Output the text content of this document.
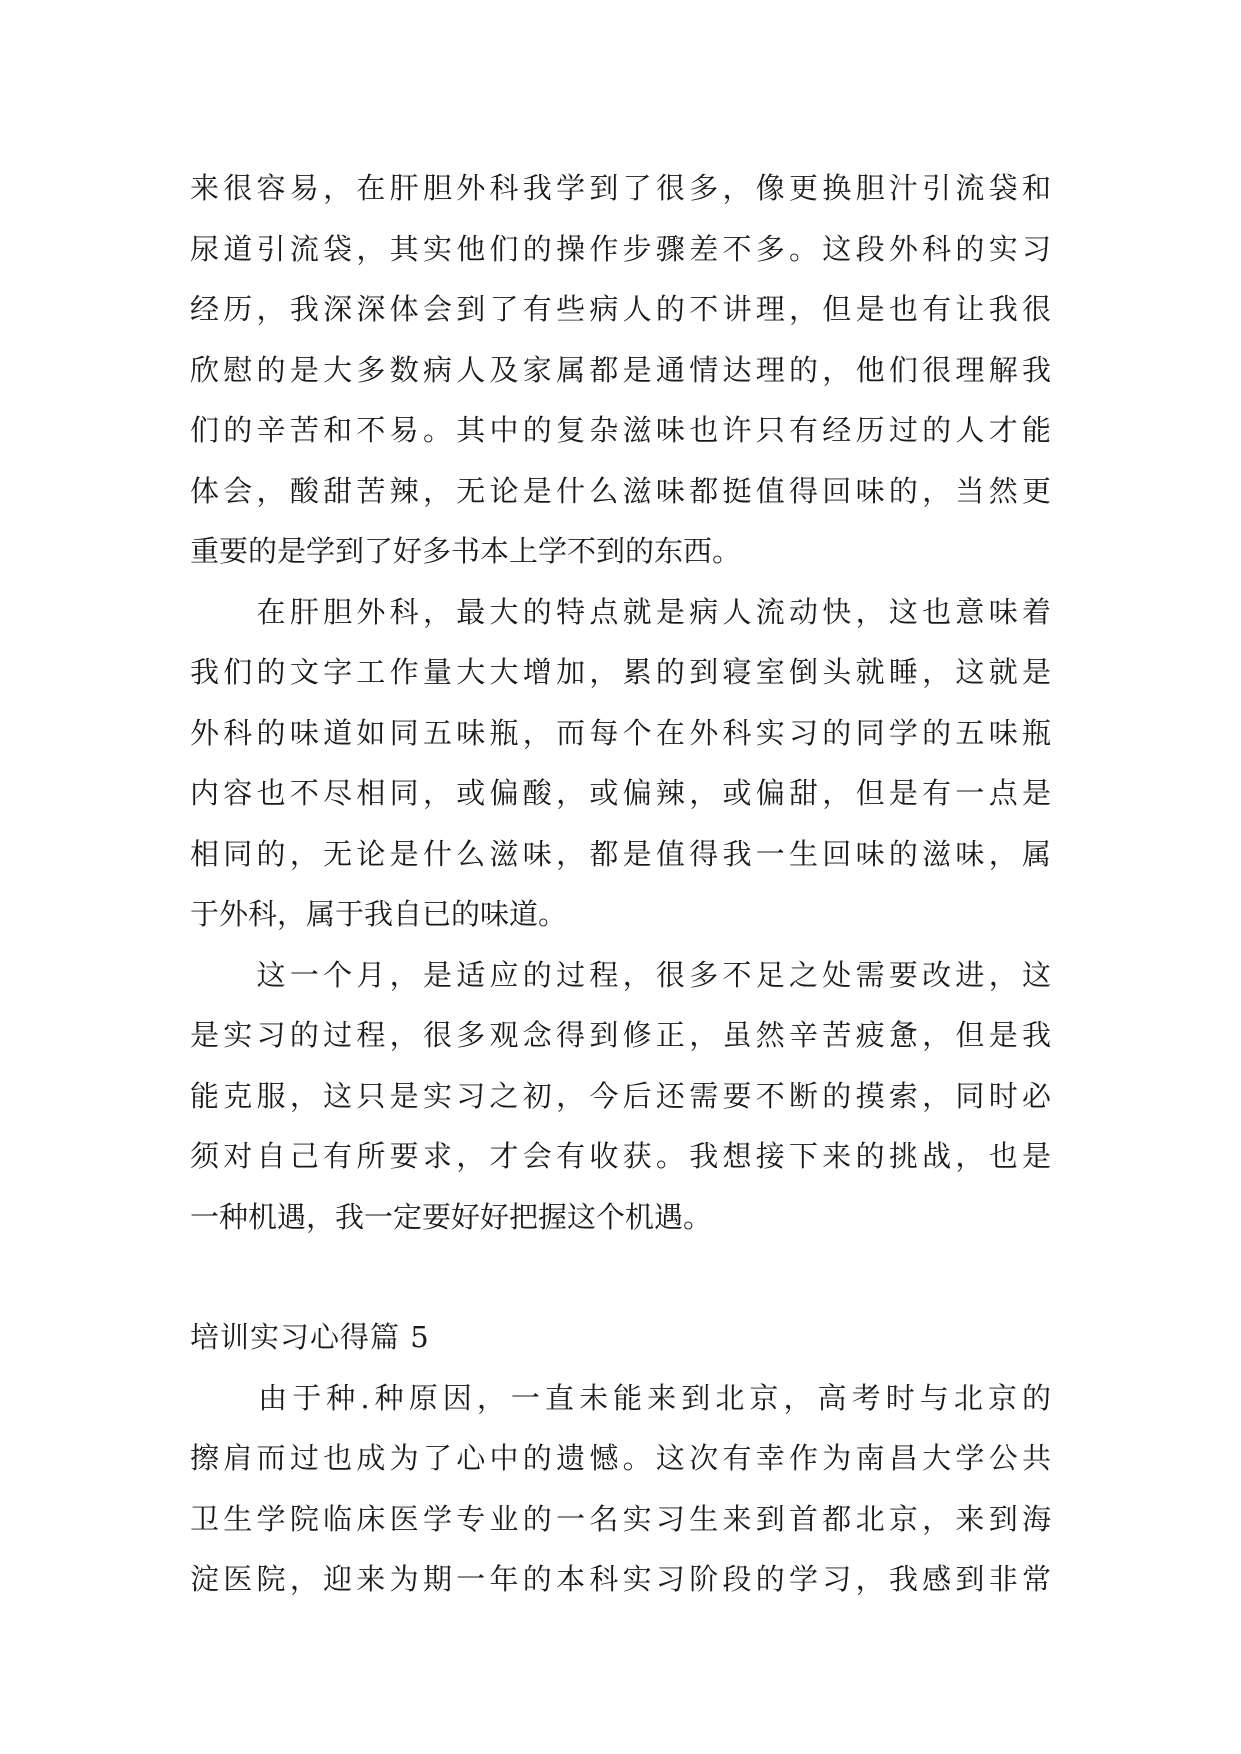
来很容易，在肝胆外科我学到了很多，像更换胆汁引流袋和
尿道引流袋，其实他们的操作步骤差不多。这段外科的实习
经历，我深深体会到了有些病人的不讲理，但是也有让我很
欣慰的是大多数病人及家属都是通情达理的，他们很理解我
们的辛苦和不易。其中的复杂滋味也许只有经历过的人才能
体会，酸甜苦辣，无论是什么滋味都挺值得回味的，当然更
重要的是学到了好多书本上学不到的东西。
　　在肝胆外科，最大的特点就是病人流动快，这也意味着
我们的文字工作量大大增加，累的到寝室倒头就睡，这就是
外科的味道如同五味瓶，而每个在外科实习的同学的五味瓶
内容也不尽相同，或偏酸，或偏辣，或偏甜，但是有一点是
相同的，无论是什么滋味，都是值得我一生回味的滋味，属
于外科，属于我自已的味道。
　　这一个月，是适应的过程，很多不足之处需要改进，这
是实习的过程，很多观念得到修正，虽然辛苦疲惫，但是我
能克服，这只是实习之初，今后还需要不断的摸索，同时必
须对自己有所要求，才会有收获。我想接下来的挑战，也是
一种机遇，我一定要好好把握这个机遇。
培训实习心得篇 5
　　由于种.种原因，一直未能来到北京，高考时与北京的
擦肩而过也成为了心中的遗憾。这次有幸作为南昌大学公共
卫生学院临床医学专业的一名实习生来到首都北京，来到海
淀医院，迎来为期一年的本科实习阶段的学习，我感到非常
